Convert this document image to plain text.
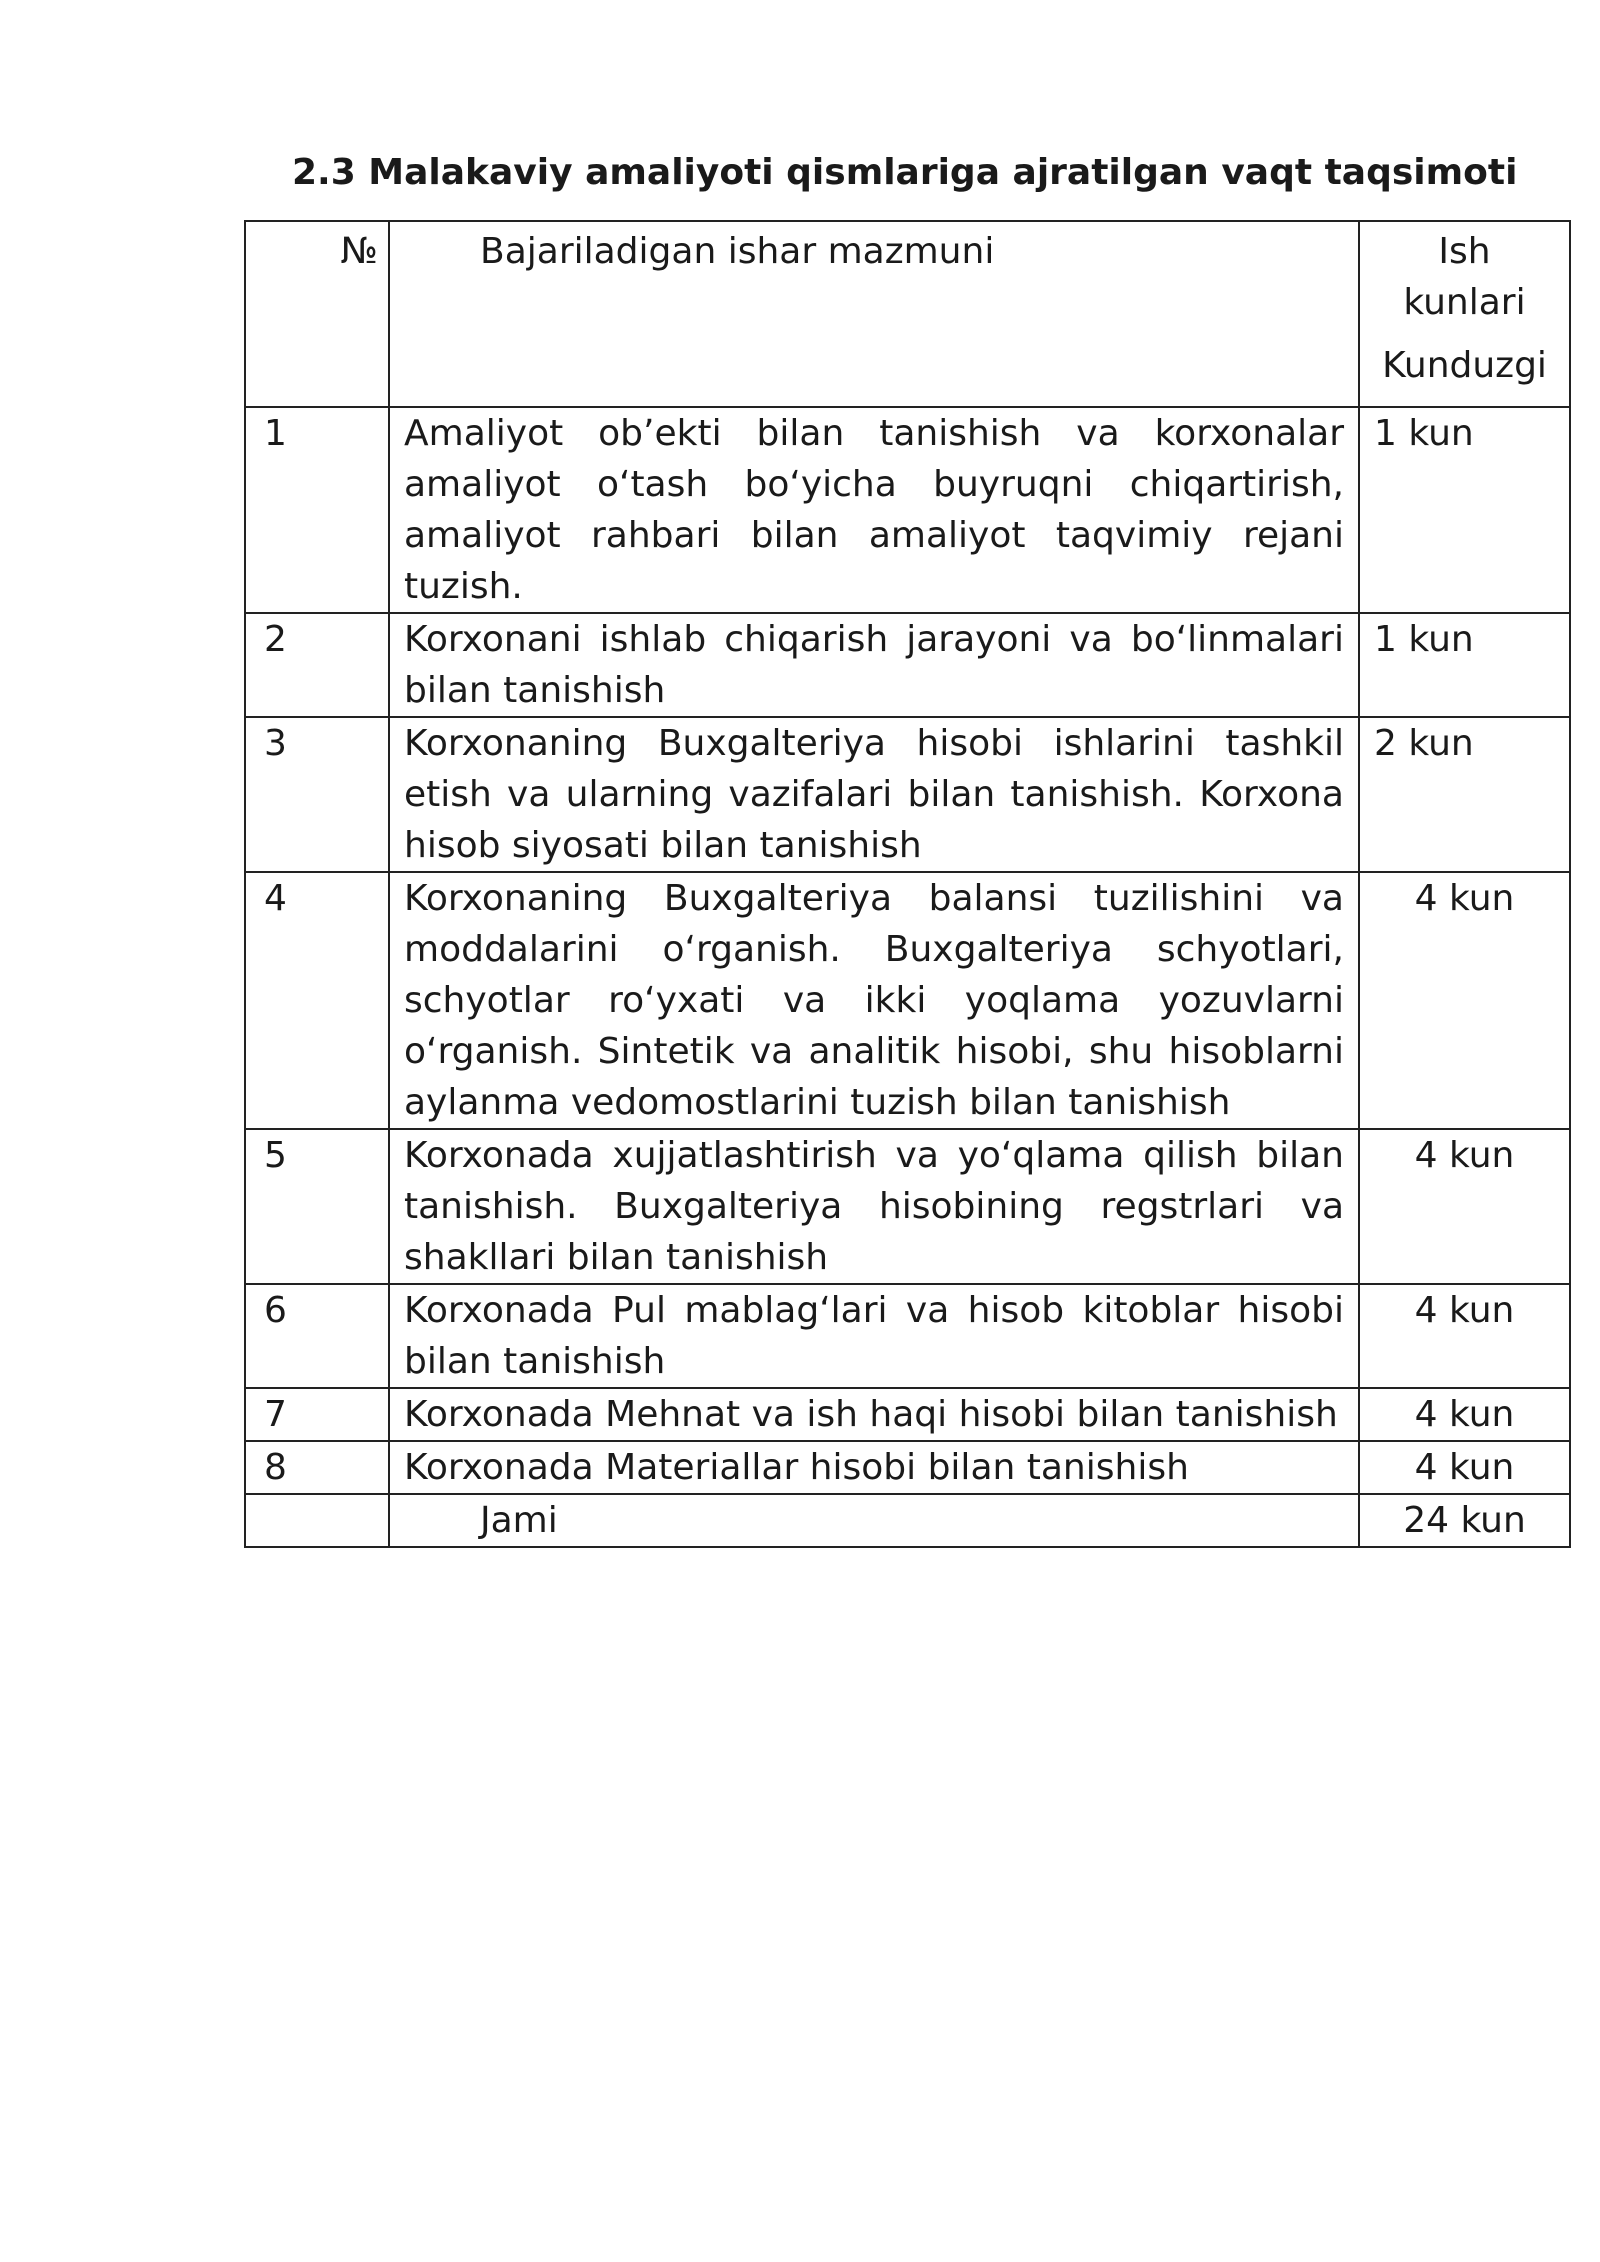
2.3 Malakaviy amaliyoti qismlariga ajratilgan vaqt taqsimoti
№	Bajariladigan ishar mazmuni	Ish
kunlari
Kunduzgi

1	Amaliyot ob’ekti bilan tanishish va korxonalar amaliyot o‘tash bo‘yicha buyruqni chiqartirish, amaliyot rahbari bilan amaliyot taqvimiy rejani tuzish.	1 kun
2	Korxonani ishlab chiqarish jarayoni va bo‘linmalari bilan tanishish	1 kun
3	Korxonaning Buxgalteriya hisobi ishlarini tashkil etish va ularning vazifalari bilan tanishish. Korxona hisob siyosati bilan tanishish	2 kun
4	Korxonaning Buxgalteriya balansi tuzilishini va moddalarini o‘rganish. Buxgalteriya schyotlari, schyotlar ro‘yxati va ikki yoqlama yozuvlarni o‘rganish. Sintetik va analitik hisobi, shu hisoblarni aylanma vedomostlarini tuzish bilan tanishish	4 kun
5	Korxonada xujjatlashtirish va yo‘qlama qilish bilan tanishish. Buxgalteriya hisobining regstrlari va shakllari bilan tanishish	4 kun
6	Korxonada Pul mablag‘lari va hisob kitoblar hisobi bilan tanishish	4 kun
7	Korxonada Mehnat va ish haqi hisobi bilan tanishish	4 kun
8	Korxonada Materiallar hisobi bilan tanishish	4 kun
	Jami	24 kun
